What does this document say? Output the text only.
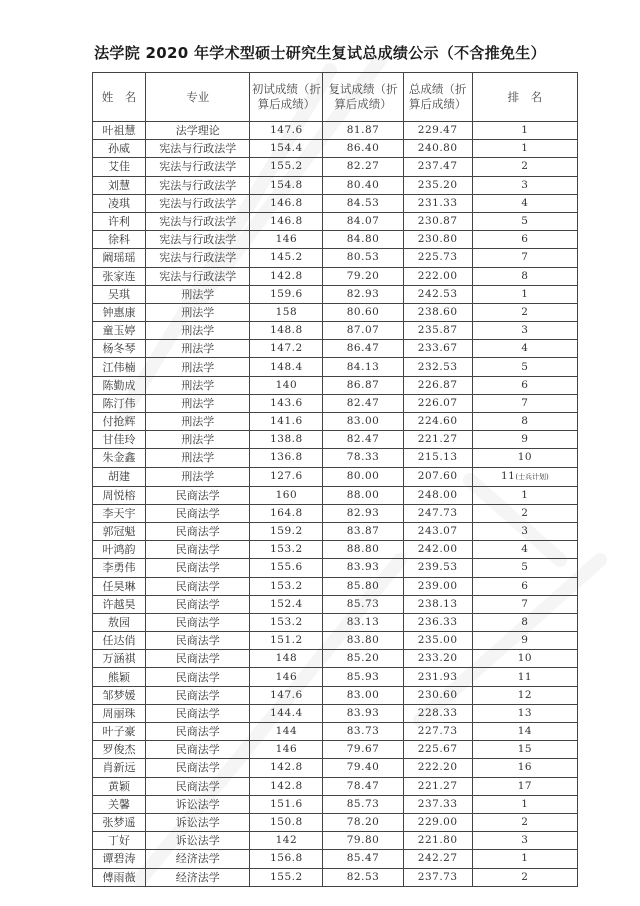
法学院 2020 年学术型硕士研究生复试总成绩公示（不含推免生）
姓　名	专业	初试成绩（折算后成绩）	复试成绩（折算后成绩）	总成绩（折算后成绩）	排　名
叶祖慧	法学理论	147.6	81.87	229.47	1
孙威	宪法与行政法学	154.4	86.40	240.80	1
艾佳	宪法与行政法学	155.2	82.27	237.47	2
刘慧	宪法与行政法学	154.8	80.40	235.20	3
凌琪	宪法与行政法学	146.8	84.53	231.33	4
许利	宪法与行政法学	146.8	84.07	230.87	5
徐科	宪法与行政法学	146	84.80	230.80	6
阚瑶瑶	宪法与行政法学	145.2	80.53	225.73	7
张家连	宪法与行政法学	142.8	79.20	222.00	8
吴琪	刑法学	159.6	82.93	242.53	1
钟惠康	刑法学	158	80.60	238.60	2
童玉婷	刑法学	148.8	87.07	235.87	3
杨冬琴	刑法学	147.2	86.47	233.67	4
江伟楠	刑法学	148.4	84.13	232.53	5
陈勤成	刑法学	140	86.87	226.87	6
陈汀伟	刑法学	143.6	82.47	226.07	7
付抢辉	刑法学	141.6	83.00	224.60	8
甘佳玲	刑法学	138.8	82.47	221.27	9
朱金鑫	刑法学	136.8	78.33	215.13	10
胡建	刑法学	127.6	80.00	207.60	11(士兵计划)
周悦榕	民商法学	160	88.00	248.00	1
李天宇	民商法学	164.8	82.93	247.73	2
郭冠魁	民商法学	159.2	83.87	243.07	3
叶鸿韵	民商法学	153.2	88.80	242.00	4
李勇伟	民商法学	155.6	83.93	239.53	5
任昊琳	民商法学	153.2	85.80	239.00	6
许越昊	民商法学	152.4	85.73	238.13	7
敖园	民商法学	153.2	83.13	236.33	8
任达俏	民商法学	151.2	83.80	235.00	9
万涵祺	民商法学	148	85.20	233.20	10
熊颖	民商法学	146	85.93	231.93	11
邹梦媛	民商法学	147.6	83.00	230.60	12
周丽珠	民商法学	144.4	83.93	228.33	13
叶子豪	民商法学	144	83.73	227.73	14
罗俊杰	民商法学	146	79.67	225.67	15
肖新远	民商法学	142.8	79.40	222.20	16
黄颖	民商法学	142.8	78.47	221.27	17
关馨	诉讼法学	151.6	85.73	237.33	1
张梦遥	诉讼法学	150.8	78.20	229.00	2
丁好	诉讼法学	142	79.80	221.80	3
谭碧涛	经济法学	156.8	85.47	242.27	1
傅雨薇	经济法学	155.2	82.53	237.73	2
